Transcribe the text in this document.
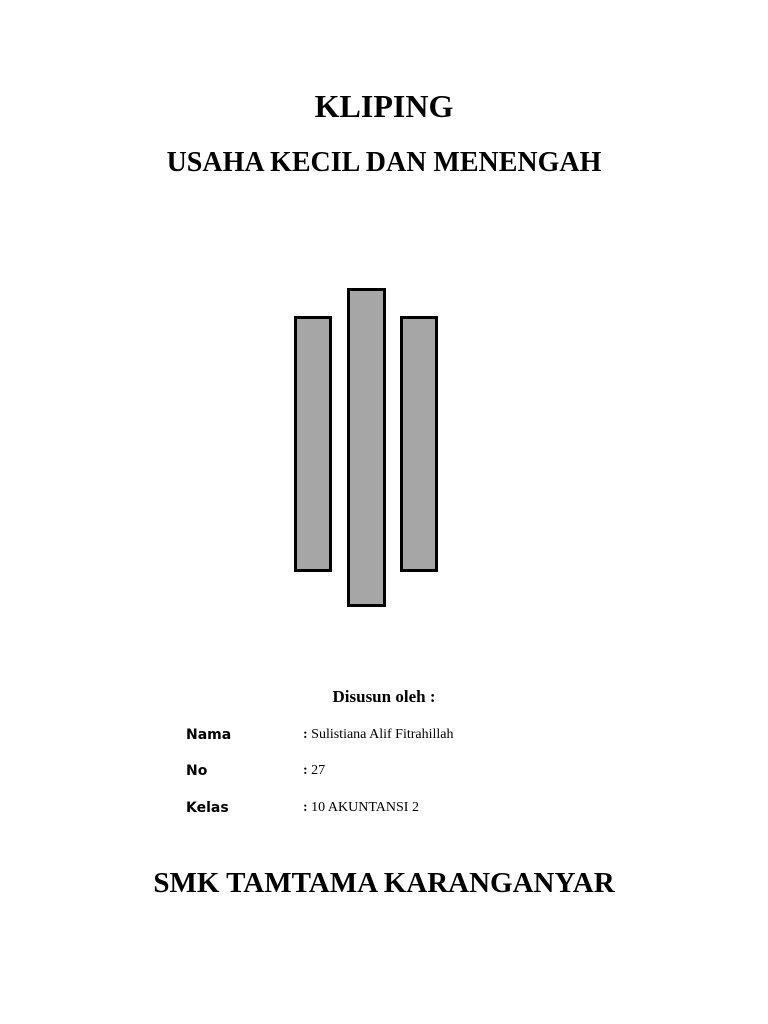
KLIPING
USAHA KECIL DAN MENENGAH
Disusun oleh :
Nama	: Sulistiana Alif Fitrahillah
No	: 27
Kelas	: 10 AKUNTANSI 2
SMK TAMTAMA KARANGANYAR
